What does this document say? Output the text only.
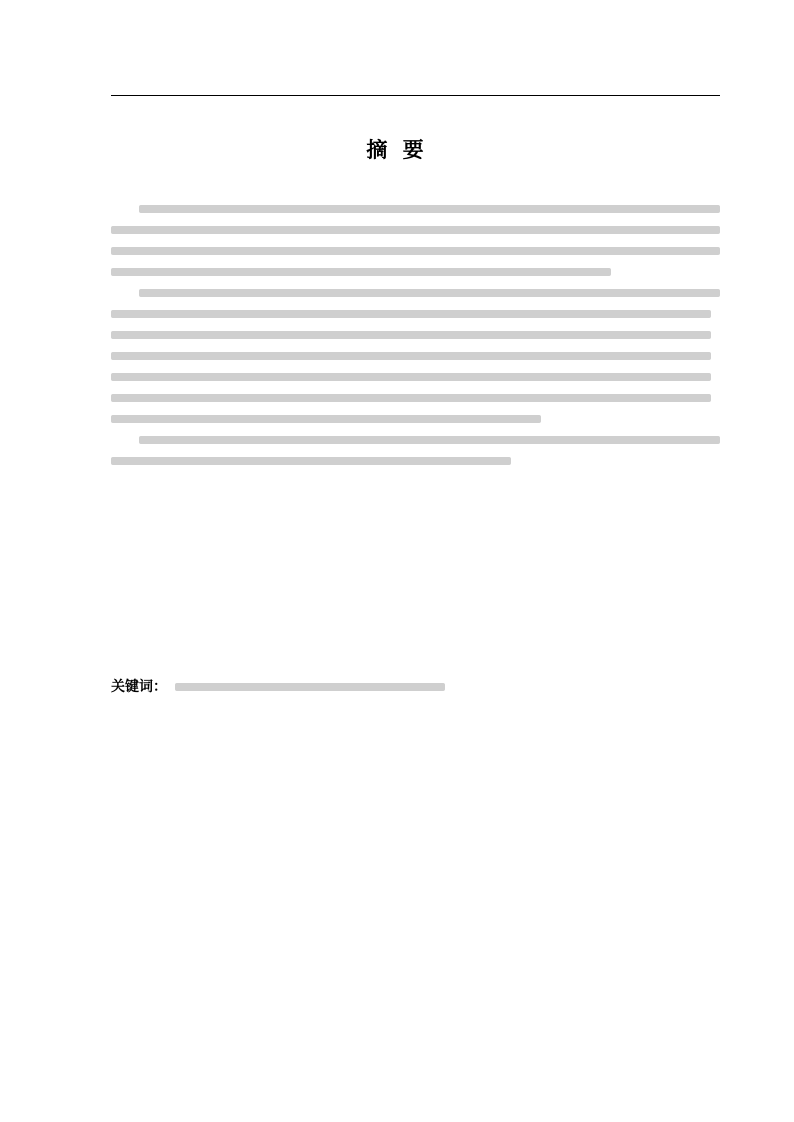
摘 要
关键词：
